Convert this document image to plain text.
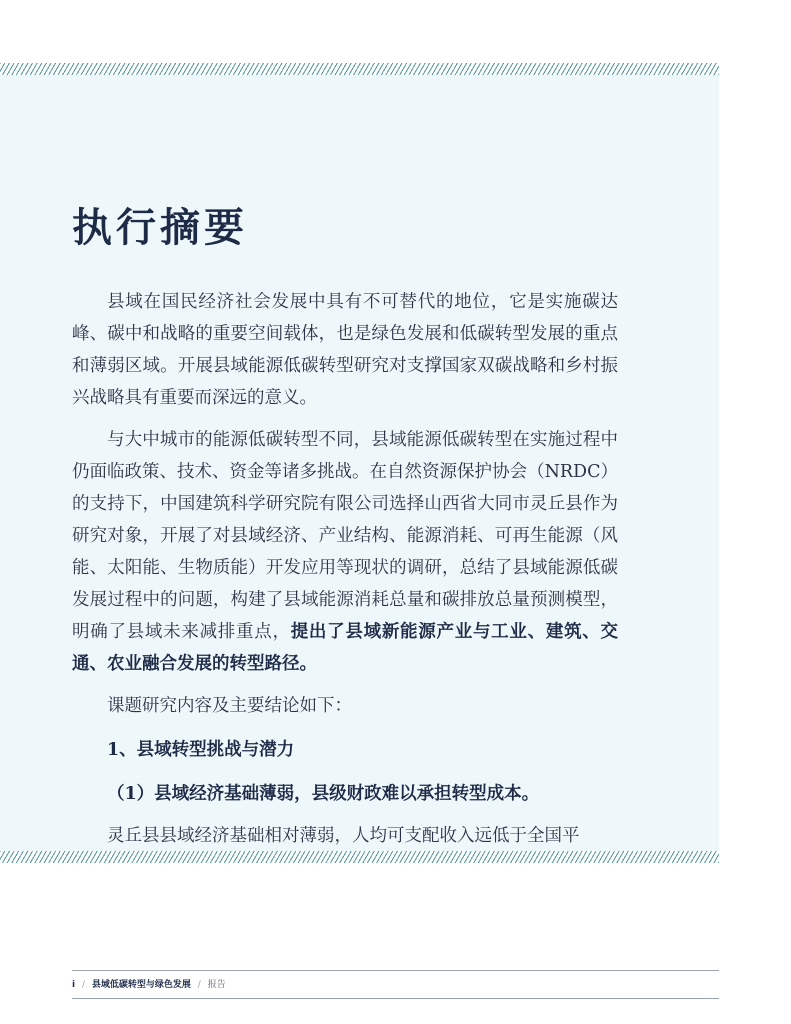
执行摘要

县域在国民经济社会发展中具有不可替代的地位，它是实施碳达峰、碳中和战略的重要空间载体，也是绿色发展和低碳转型发展的重点和薄弱区域。开展县域能源低碳转型研究对支撑国家双碳战略和乡村振兴战略具有重要而深远的意义。

与大中城市的能源低碳转型不同，县域能源低碳转型在实施过程中仍面临政策、技术、资金等诸多挑战。在自然资源保护协会（NRDC）的支持下，中国建筑科学研究院有限公司选择山西省大同市灵丘县作为研究对象，开展了对县域经济、产业结构、能源消耗、可再生能源（风能、太阳能、生物质能）开发应用等现状的调研，总结了县域能源低碳发展过程中的问题，构建了县域能源消耗总量和碳排放总量预测模型，明确了县域未来减排重点，提出了县域新能源产业与工业、建筑、交通、农业融合发展的转型路径。

课题研究内容及主要结论如下：

1、县域转型挑战与潜力

（1）县域经济基础薄弱，县级财政难以承担转型成本。

灵丘县县域经济基础相对薄弱，人均可支配收入远低于全国平

i / 县域低碳转型与绿色发展 / 报告
